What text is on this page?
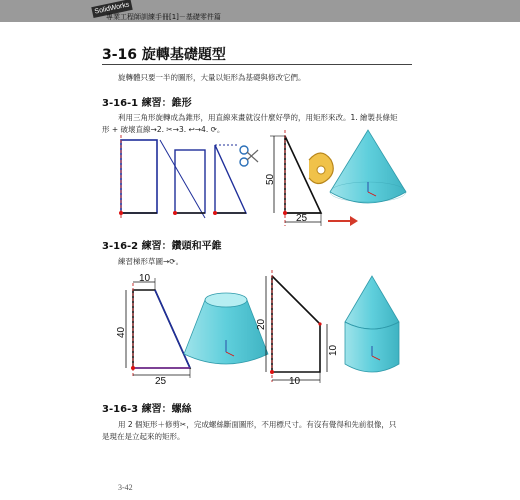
SolidWorks
專業工程師訓練手冊[1]－基礎零件篇
3-16 旋轉基礎題型
旋轉體只要一半的圖形，大量以矩形為基礎與修改它們。
3-16-1 練習：錐形
利用三角形旋轉成為錐形，用直線來畫就沒什麼好學的，用矩形來改。1. 繪製長條矩
形 + 破壞直線→2. ✂→3. ↩→4. ⟳。
50
25
3-16-2 練習：鑽頭和平錐
練習梯形草圖→⟳。
10
40
25
20
10
10
3-16-3 練習：螺絲
用 2 個矩形＋修剪✂，完成螺絲斷面圖形，不用標尺寸。有沒有覺得和先前很像，只
是現在是立起來的矩形。
3-42
